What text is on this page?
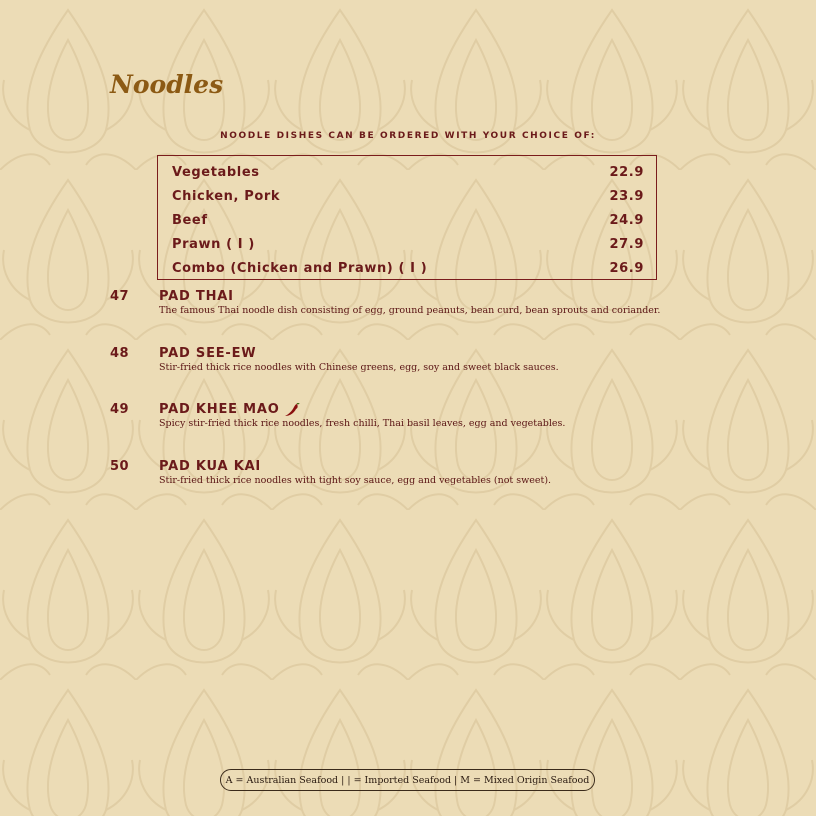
Noodles
NOODLE DISHES CAN BE ORDERED WITH YOUR CHOICE OF:
Vegetables	22.9
Chicken, Pork	23.9
Beef	24.9
Prawn ( I )	27.9
Combo (Chicken and Prawn) ( I )	26.9
47 PAD THAI
The famous Thai noodle dish consisting of egg, ground peanuts, bean curd, bean sprouts and coriander.
48 PAD SEE-EW
Stir-fried thick rice noodles with Chinese greens, egg, soy and sweet black sauces.
49 PAD KHEE MAO
Spicy stir-fried thick rice noodles, fresh chilli, Thai basil leaves, egg and vegetables.
50 PAD KUA KAI
Stir-fried thick rice noodles with tight soy sauce, egg and vegetables (not sweet).
A = Australian Seafood | | = Imported Seafood | M = Mixed Origin Seafood
